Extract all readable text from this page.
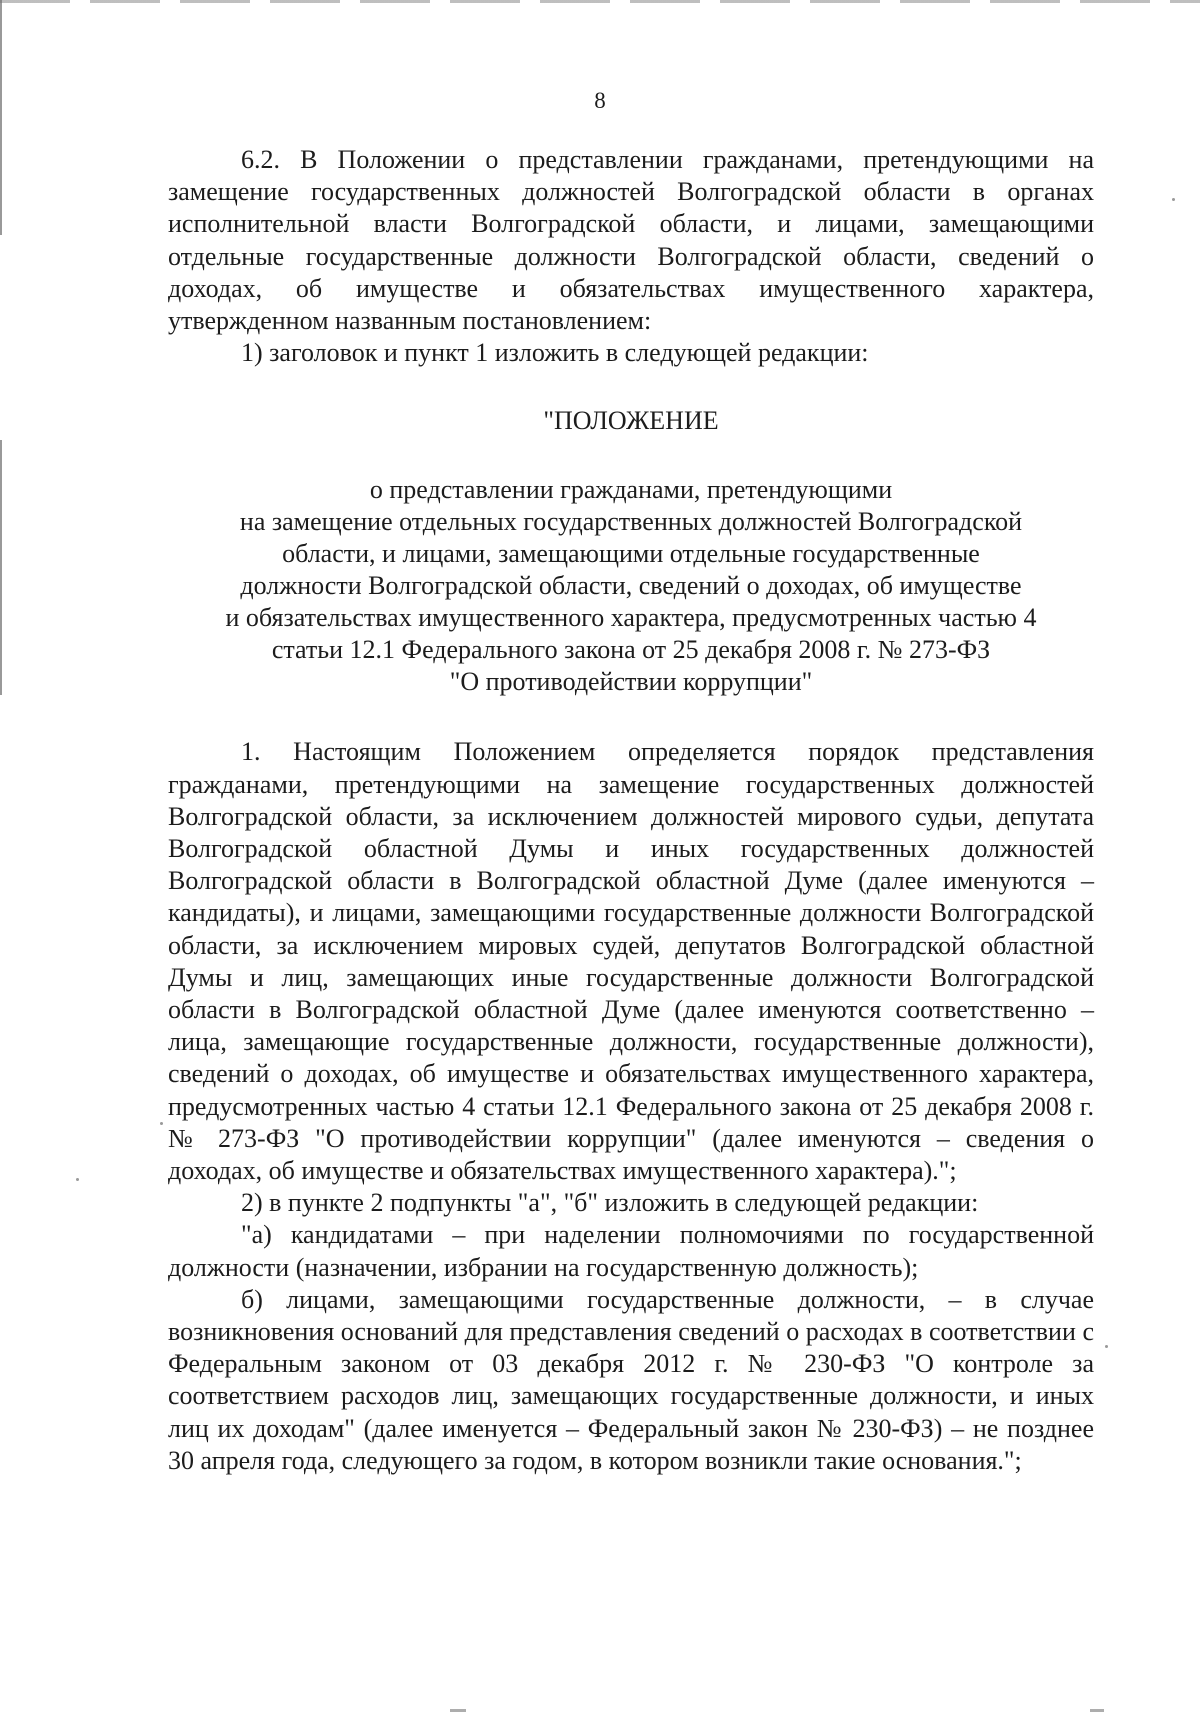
8

6.2. В Положении о представлении гражданами, претендующими на замещение государственных должностей Волгоградской области в органах исполнительной власти Волгоградской области, и лицами, замещающими отдельные государственные должности Волгоградской области, сведений о доходах, об имуществе и обязательствах имущественного характера, утвержденном названным постановлением:

1) заголовок и пункт 1 изложить в следующей редакции:

"ПОЛОЖЕНИЕ
о представлении гражданами, претендующими
на замещение отдельных государственных должностей Волгоградской
области, и лицами, замещающими отдельные государственные
должности Волгоградской области, сведений о доходах, об имуществе
и обязательствах имущественного характера, предусмотренных частью 4
статьи 12.1 Федерального закона от 25 декабря 2008 г. № 273-ФЗ
"О противодействии коррупции"

1. Настоящим Положением определяется порядок представления гражданами, претендующими на замещение государственных должностей Волгоградской области, за исключением должностей мирового судьи, депутата Волгоградской областной Думы и иных государственных должностей Волгоградской области в Волгоградской областной Думе (далее именуются – кандидаты), и лицами, замещающими государственные должности Волгоградской области, за исключением мировых судей, депутатов Волгоградской областной Думы и лиц, замещающих иные государственные должности Волгоградской области в Волгоградской областной Думе (далее именуются соответственно – лица, замещающие государственные должности, государственные должности), сведений о доходах, об имуществе и обязательствах имущественного характера, предусмотренных частью 4 статьи 12.1 Федерального закона от 25 декабря 2008 г. № 273-ФЗ "О противодействии коррупции" (далее именуются – сведения о доходах, об имуществе и обязательствах имущественного характера).";

2) в пункте 2 подпункты "а", "б" изложить в следующей редакции:

"а) кандидатами – при наделении полномочиями по государственной должности (назначении, избрании на государственную должность);

б) лицами, замещающими государственные должности, – в случае возникновения оснований для представления сведений о расходах в соответствии с Федеральным законом от 03 декабря 2012 г. № 230-ФЗ "О контроле за соответствием расходов лиц, замещающих государственные должности, и иных лиц их доходам" (далее именуется – Федеральный закон № 230-ФЗ) – не позднее 30 апреля года, следующего за годом, в котором возникли такие основания.";
